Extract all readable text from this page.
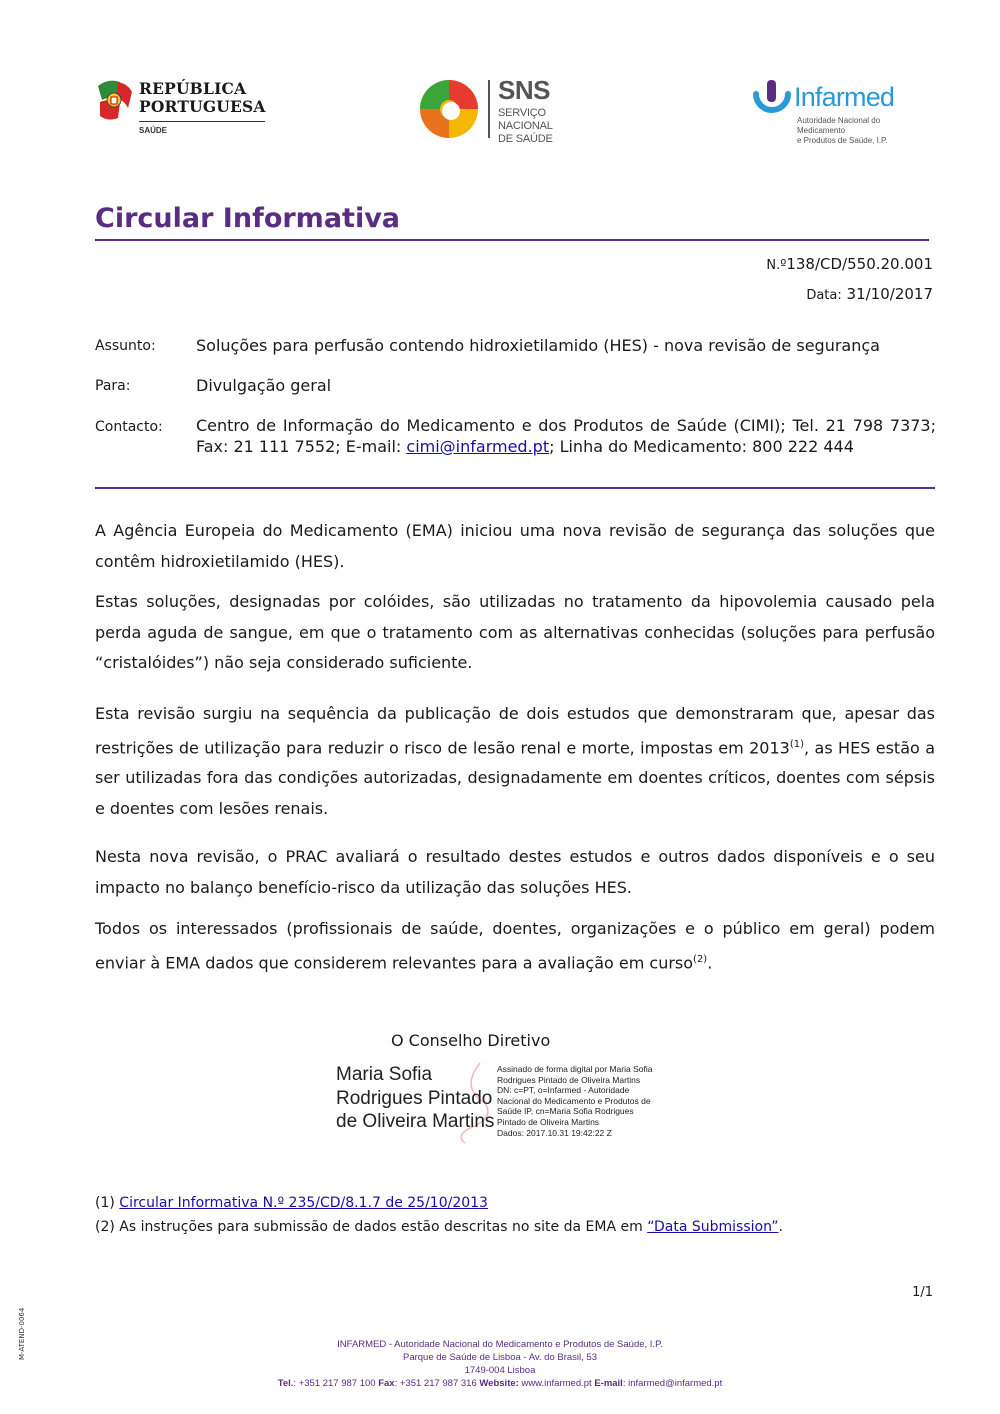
REPÚBLICA
PORTUGUESA
SAÚDE
SNS
SERVIÇO NACIONAL
DE SAÚDE
Infarmed
Autoridade Nacional do Medicamento
e Produtos de Saúde, I.P.
Circular Informativa
N.º138/CD/550.20.001
Data: 31/10/2017
Assunto:	Soluções para perfusão contendo hidroxietilamido (HES) - nova revisão de segurança
Para:	Divulgação geral
Contacto: Centro de Informação do Medicamento e dos Produtos de Saúde (CIMI); Tel. 21 798 7373; Fax: 21 111 7552; E-mail: cimi@infarmed.pt; Linha do Medicamento: 800 222 444
A Agência Europeia do Medicamento (EMA) iniciou uma nova revisão de segurança das soluções que contêm hidroxietilamido (HES).
Estas soluções, designadas por colóides, são utilizadas no tratamento da hipovolemia causado pela perda aguda de sangue, em que o tratamento com as alternativas conhecidas (soluções para perfusão “cristalóides”) não seja considerado suficiente.
Esta revisão surgiu na sequência da publicação de dois estudos que demonstraram que, apesar das restrições de utilização para reduzir o risco de lesão renal e morte, impostas em 2013$^{(1)}$, as HES estão a ser utilizadas fora das condições autorizadas, designadamente em doentes críticos, doentes com sépsis e doentes com lesões renais.
Nesta nova revisão, o PRAC avaliará o resultado destes estudos e outros dados disponíveis e o seu impacto no balanço benefício-risco da utilização das soluções HES.
Todos os interessados (profissionais de saúde, doentes, organizações e o público em geral) podem enviar à EMA dados que considerem relevantes para a avaliação em curso$^{(2)}$.
O Conselho Diretivo
Maria Sofia
Rodrigues Pintado
de Oliveira Martins
Assinado de forma digital por Maria Sofia
Rodrigues Pintado de Oliveira Martins
DN: c=PT, o=Infarmed - Autoridade
Nacional do Medicamento e Produtos de
Saúde IP, cn=Maria Sofia Rodrigues
Pintado de Oliveira Martins
Dados: 2017.10.31 19:42:22 Z
(1) Circular Informativa N.º 235/CD/8.1.7 de 25/10/2013
(2) As instruções para submissão de dados estão descritas no site da EMA em “Data Submission”.
1/1
INFARMED - Autoridade Nacional do Medicamento e Produtos de Saúde, I.P.
Parque de Saúde de Lisboa - Av. do Brasil, 53
1749-004 Lisboa
Tel.: +351 217 987 100 Fax: +351 217 987 316 Website: www.infarmed.pt E-mail: infarmed@infarmed.pt
M-ATEND-0064
